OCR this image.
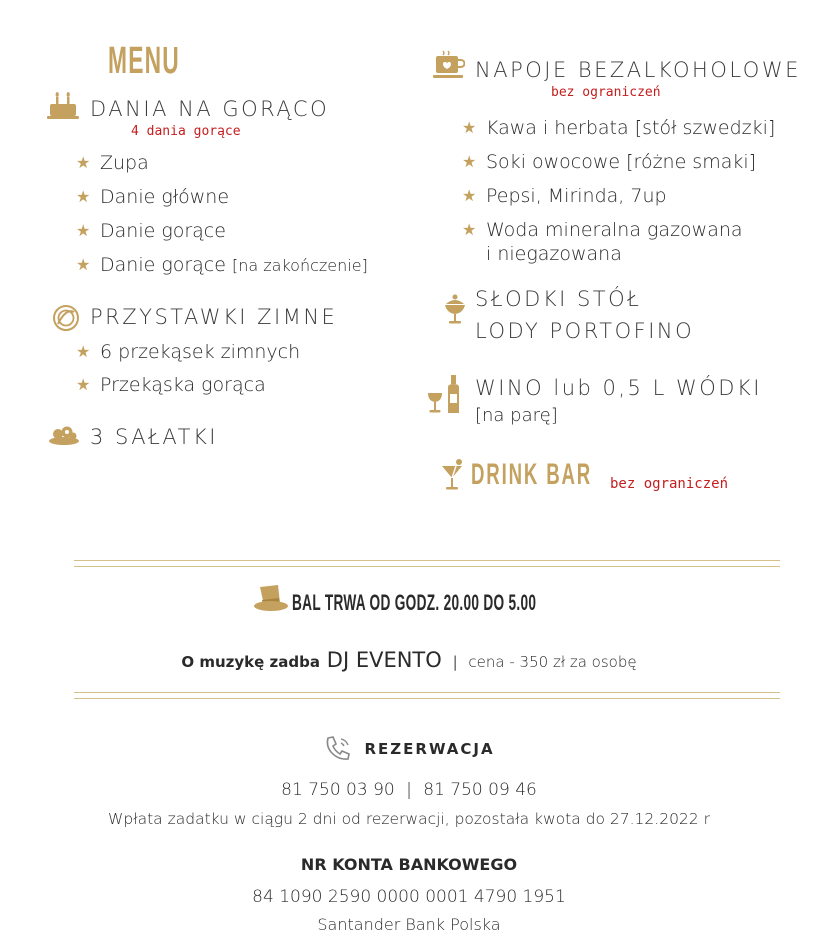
MENU
DANIA NA GORĄCO
4 dania gorące
★ Zupa
★ Danie główne
★ Danie gorące
★ Danie gorące [na zakończenie]
PRZYSTAWKI ZIMNE
★ 6 przekąsek zimnych
★ Przekąska gorąca
3 SAŁATKI
NAPOJE BEZALKOHOLOWE
bez ograniczeń
★ Kawa i herbata [stół szwedzki]
★ Soki owocowe [różne smaki]
★ Pepsi, Mirinda, 7up
★ Woda mineralna gazowana
i niegazowana
SŁODKI STÓŁ
LODY PORTOFINO
WINO lub 0,5 L WÓDKI
[na parę]
DRINK BAR bez ograniczeń
BAL TRWA OD GODZ. 20.00 DO 5.00
O muzykę zadba DJ EVENTO | cena - 350 zł za osobę
REZERWACJA
81 750 03 90 | 81 750 09 46
Wpłata zadatku w ciągu 2 dni od rezerwacji, pozostała kwota do 27.12.2022 r
NR KONTA BANKOWEGO
84 1090 2590 0000 0001 4790 1951
Santander Bank Polska
